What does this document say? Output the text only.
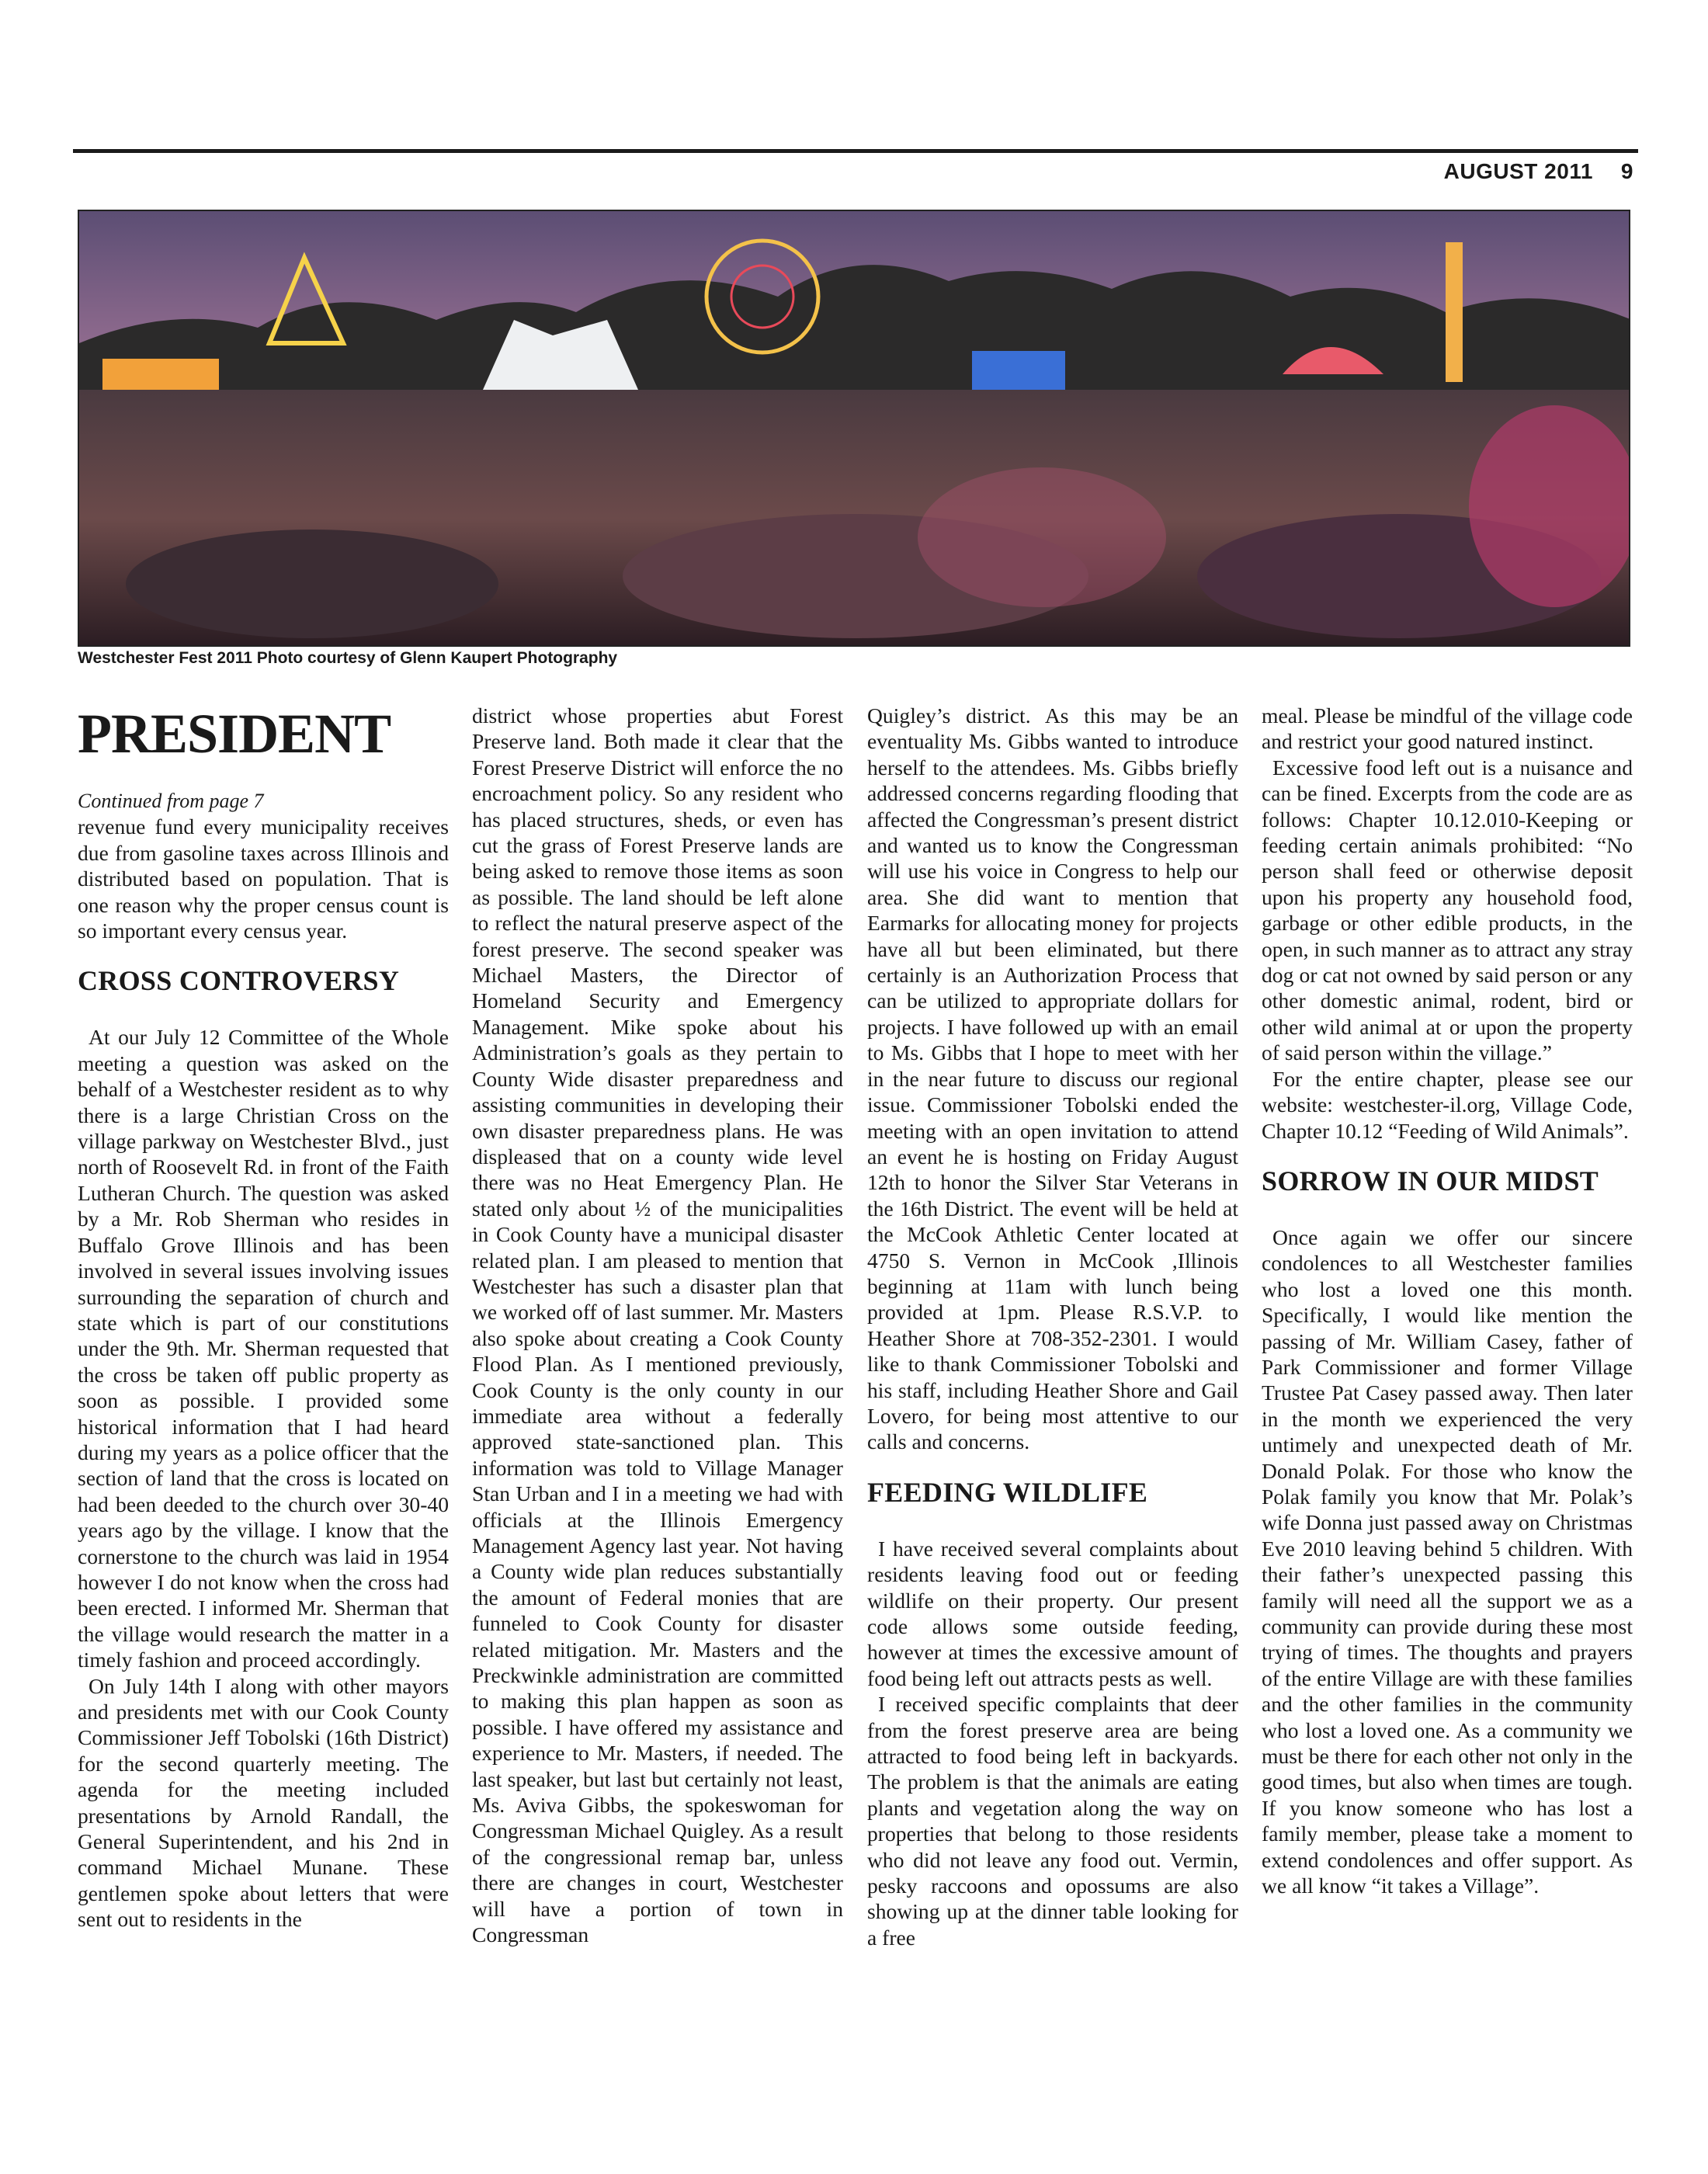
AUGUST 2011 9
Westchester Fest 2011 Photo courtesy of Glenn Kaupert Photography
PRESIDENT

Continued from page 7

revenue fund every municipality receives due from gasoline taxes across Illinois and distributed based on population. That is one reason why the proper census count is so important every census year.

CROSS CONTROVERSY

At our July 12 Committee of the Whole meeting a question was asked on the behalf of a Westchester resident as to why there is a large Christian Cross on the village parkway on Westchester Blvd., just north of Roosevelt Rd. in front of the Faith Lutheran Church. The question was asked by a Mr. Rob Sherman who resides in Buffalo Grove Illinois and has been involved in several issues involving issues surrounding the separation of church and state which is part of our constitutions under the 9th. Mr. Sherman requested that the cross be taken off public property as soon as possible. I provided some historical information that I had heard during my years as a police officer that the section of land that the cross is located on had been deeded to the church over 30-40 years ago by the village. I know that the cornerstone to the church was laid in 1954 however I do not know when the cross had been erected. I informed Mr. Sherman that the village would research the matter in a timely fashion and proceed accordingly.

On July 14th I along with other mayors and presidents met with our Cook County Commissioner Jeff Tobolski (16th District) for the second quarterly meeting. The agenda for the meeting included presentations by Arnold Randall, the General Superintendent, and his 2nd in command Michael Munane. These gentlemen spoke about letters that were sent out to residents in the

district whose properties abut Forest Preserve land. Both made it clear that the Forest Preserve District will enforce the no encroachment policy. So any resident who has placed structures, sheds, or even has cut the grass of Forest Preserve lands are being asked to remove those items as soon as possible. The land should be left alone to reflect the natural preserve aspect of the forest preserve. The second speaker was Michael Masters, the Director of Homeland Security and Emergency Management. Mike spoke about his Administration’s goals as they pertain to County Wide disaster preparedness and assisting communities in developing their own disaster preparedness plans. He was displeased that on a county wide level there was no Heat Emergency Plan. He stated only about ½ of the municipalities in Cook County have a municipal disaster related plan. I am pleased to mention that Westchester has such a disaster plan that we worked off of last summer. Mr. Masters also spoke about creating a Cook County Flood Plan. As I mentioned previously, Cook County is the only county in our immediate area without a federally approved state-sanctioned plan. This information was told to Village Manager Stan Urban and I in a meeting we had with officials at the Illinois Emergency Management Agency last year. Not having a County wide plan reduces substantially the amount of Federal monies that are funneled to Cook County for disaster related mitigation. Mr. Masters and the Preckwinkle administration are committed to making this plan happen as soon as possible. I have offered my assistance and experience to Mr. Masters, if needed. The last speaker, but last but certainly not least, Ms. Aviva Gibbs, the spokeswoman for Congressman Michael Quigley. As a result of the congressional remap bar, unless there are changes in court, Westchester will have a portion of town in Congressman

Quigley’s district. As this may be an eventuality Ms. Gibbs wanted to introduce herself to the attendees. Ms. Gibbs briefly addressed concerns regarding flooding that affected the Congressman’s present district and wanted us to know the Congressman will use his voice in Congress to help our area. She did want to mention that Earmarks for allocating money for projects have all but been eliminated, but there certainly is an Authorization Process that can be utilized to appropriate dollars for projects. I have followed up with an email to Ms. Gibbs that I hope to meet with her in the near future to discuss our regional issue. Commissioner Tobolski ended the meeting with an open invitation to attend an event he is hosting on Friday August 12th to honor the Silver Star Veterans in the 16th District. The event will be held at the McCook Athletic Center located at 4750 S. Vernon in McCook ,Illinois beginning at 11am with lunch being provided at 1pm. Please R.S.V.P. to Heather Shore at 708-352-2301. I would like to thank Commissioner Tobolski and his staff, including Heather Shore and Gail Lovero, for being most attentive to our calls and concerns.

FEEDING WILDLIFE

I have received several complaints about residents leaving food out or feeding wildlife on their property. Our present code allows some outside feeding, however at times the excessive amount of food being left out attracts pests as well.

I received specific complaints that deer from the forest preserve area are being attracted to food being left in backyards. The problem is that the animals are eating plants and vegetation along the way on properties that belong to those residents who did not leave any food out. Vermin, pesky raccoons and opossums are also showing up at the dinner table looking for a free

meal. Please be mindful of the village code and restrict your good natured instinct.

Excessive food left out is a nuisance and can be fined. Excerpts from the code are as follows: Chapter 10.12.010-Keeping or feeding certain animals prohibited: “No person shall feed or otherwise deposit upon his property any household food, garbage or other edible products, in the open, in such manner as to attract any stray dog or cat not owned by said person or any other domestic animal, rodent, bird or other wild animal at or upon the property of said person within the village.”

For the entire chapter, please see our website: westchester-il.org, Village Code, Chapter 10.12 “Feeding of Wild Animals”.

SORROW IN OUR MIDST

Once again we offer our sincere condolences to all Westchester families who lost a loved one this month. Specifically, I would like mention the passing of Mr. William Casey, father of Park Commissioner and former Village Trustee Pat Casey passed away. Then later in the month we experienced the very untimely and unexpected death of Mr. Donald Polak. For those who know the Polak family you know that Mr. Polak’s wife Donna just passed away on Christmas Eve 2010 leaving behind 5 children. With their father’s unexpected passing this family will need all the support we as a community can provide during these most trying of times. The thoughts and prayers of the entire Village are with these families and the other families in the community who lost a loved one. As a community we must be there for each other not only in the good times, but also when times are tough. If you know someone who has lost a family member, please take a moment to extend condolences and offer support. As we all know “it takes a Village”.
